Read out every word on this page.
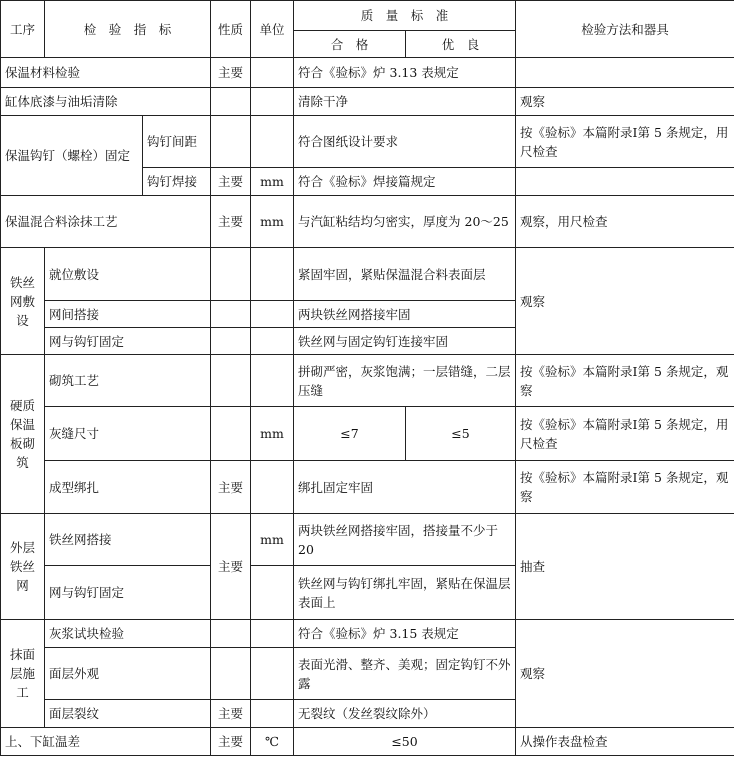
工序	检　验　指　标		性质	单位	质　量　标　准		检验方法和器具
					合　格	优　良	
保温材料检验			主要		符合《验标》炉 3.13 表规定		
缸体底漆与油垢清除					清除干净		观察
保温钩钉（螺栓）固定		钩钉间距			符合图纸设计要求		按《验标》本篇附录Ⅰ第 5 条规定，用尺检查
		钩钉焊接	主要	mm	符合《验标》焊接篇规定		
保温混合料涂抹工艺			主要	mm	与汽缸粘结均匀密实，厚度为 20～25		观察，用尺检查
铁丝网敷设	就位敷设				紧固牢固，紧贴保温混合料表面层		观察
	网间搭接				两块铁丝网搭接牢固		
	网与钩钉固定				铁丝网与固定钩钉连接牢固		
硬质保温板砌筑	砌筑工艺				拼砌严密，灰浆饱满；一层错缝，二层压缝		按《验标》本篇附录Ⅰ第 5 条规定，观察
	灰缝尺寸			mm	≤7	≤5	按《验标》本篇附录Ⅰ第 5 条规定，用尺检查
	成型绑扎		主要		绑扎固定牢固		按《验标》本篇附录Ⅰ第 5 条规定，观察
外层铁丝网	铁丝网搭接		主要	mm	两块铁丝网搭接牢固，搭接量不少于 20		抽查
	网与钩钉固定				铁丝网与钩钉绑扎牢固，紧贴在保温层表面上		
抹面层施工	灰浆试块检验				符合《验标》炉 3.15 表规定		观察
	面层外观				表面光滑、整齐、美观；固定钩钉不外露		
	面层裂纹		主要		无裂纹（发丝裂纹除外）		
上、下缸温差			主要	℃	≤50		从操作表盘检查
